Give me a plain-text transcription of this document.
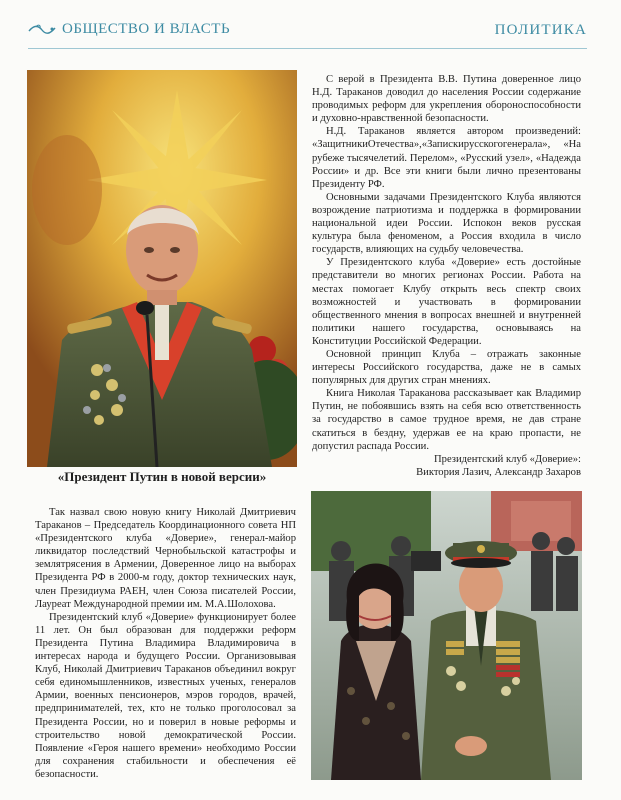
ОБЩЕСТВО И ВЛАСТЬ	ПОЛИТИКА
«Президент Путин в новой версии»

С верой в Президента В.В. Путина доверенное лицо Н.Д. Тараканов доводил до населения России содержание проводимых реформ для укрепления обороноспособности и духовно-нравственной безопасности.

Н.Д. Тараканов является автором произведений: «ЗащитникиОтечества»,«Запискирусскогогенерала», «На рубеже тысячелетий. Перелом», «Русский узел», «Надежда России» и др. Все эти книги были лично презентованы Президенту РФ.

Основными задачами Президентского Клуба являются возрождение патриотизма и поддержка в формировании национальной идеи России. Испокон веков русская культура была феноменом, а Россия входила в число государств, влияющих на судьбу человечества.

У Президентского клуба «Доверие» есть достойные представители во многих регионах России. Работа на местах помогает Клубу открыть весь спектр своих возможностей и участвовать в формировании общественного мнения в вопросах внешней и внутренней политики нашего государства, основываясь на Конституции Российской Федерации.

Основной принцип Клуба – отражать законные интересы Российского государства, даже не в самых популярных для других стран мнениях.

Книга Николая Тараканова рассказывает как Владимир Путин, не побоявшись взять на себя всю ответственность за государство в самое трудное время, не дав стране скатиться в бездну, удержав ее на краю пропасти, не допустил распада России.

Президентский клуб «Доверие»:

Виктория Лазич, Александр Захаров

Так назвал свою новую книгу Николай Дмитриевич Тараканов – Председатель Координационного совета НП «Президентского клуба «Доверие», генерал-майор ликвидатор последствий Чернобыльской катастрофы и землятрясения в Армении, Доверенное лицо на выборах Президента РФ в 2000-м году, доктор технических наук, член Президиума РАЕН, член Союза писателей России, Лауреат Международной премии им. М.А.Шолохова.

Президентский клуб «Доверие» функционирует более 11 лет. Он был образован для поддержки реформ Президента Путина Владимира Владимировича в интересах народа и будущего России. Организовывая Клуб, Николай Дмитриевич Тараканов объединил вокруг себя единомышленников, известных ученых, генералов Армии, военных пенсионеров, мэров городов, врачей, предпринимателей, тех, кто не только проголосовал за Президента России, но и поверил в новые реформы и строительство новой демократической России. Появление «Героя нашего времени» необходимо России для сохранения стабильности и обеспечения её безопасности.
